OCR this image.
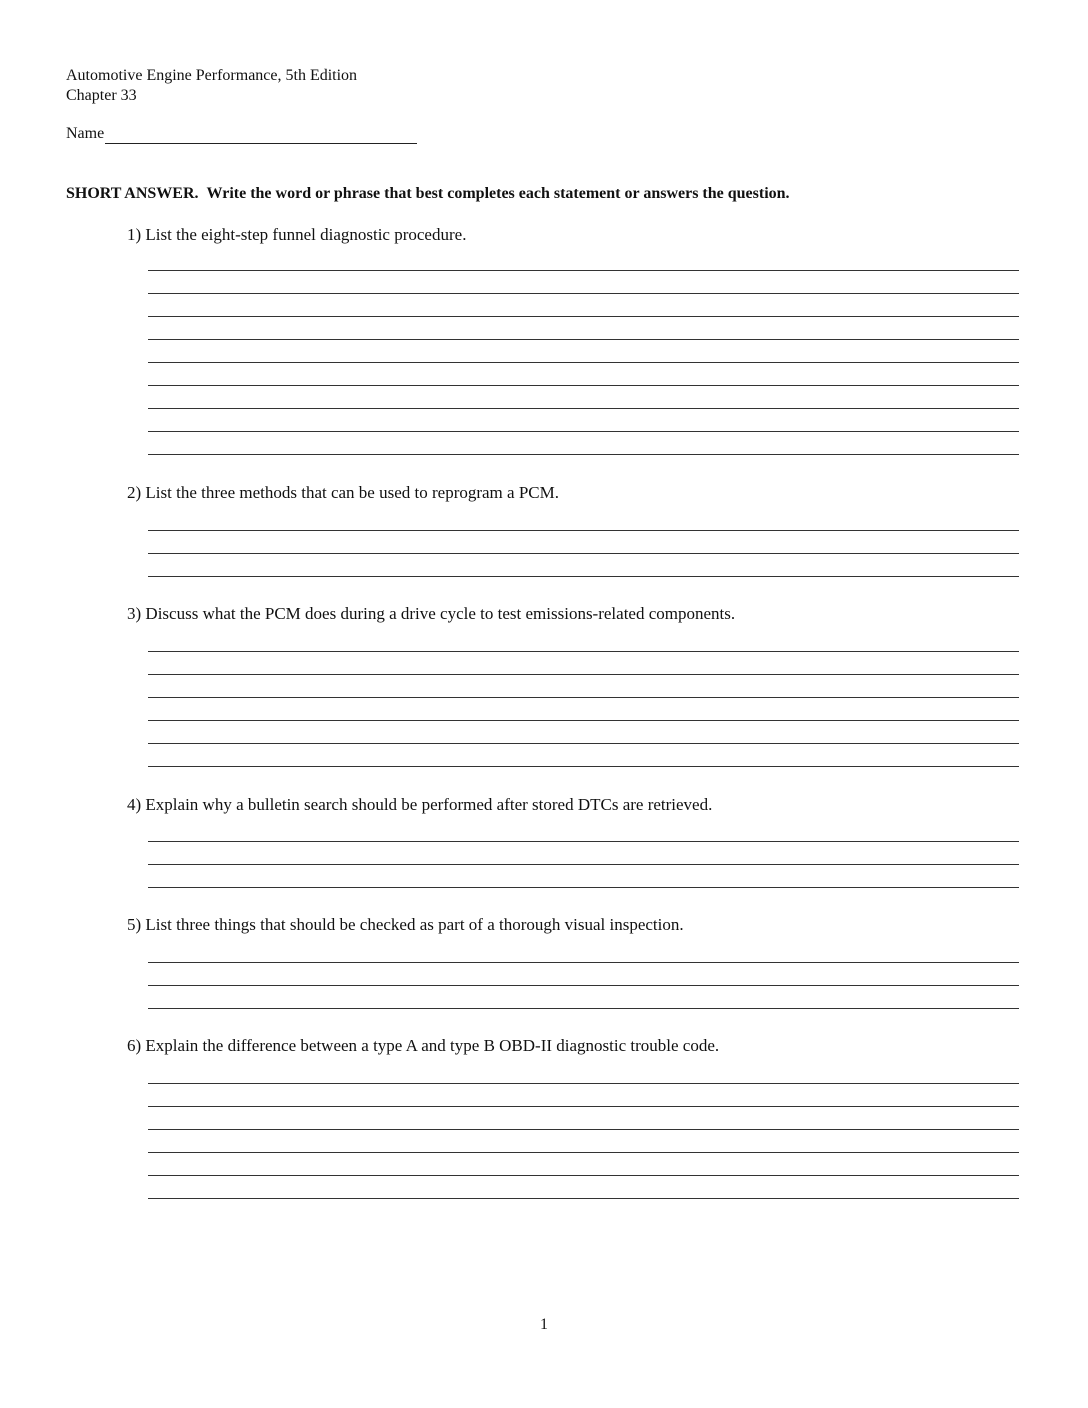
Automotive Engine Performance, 5th Edition
Chapter 33
Name
SHORT ANSWER. Write the word or phrase that best completes each statement or answers the question.
1) List the eight-step funnel diagnostic procedure.
2) List the three methods that can be used to reprogram a PCM.
3) Discuss what the PCM does during a drive cycle to test emissions-related components.
4) Explain why a bulletin search should be performed after stored DTCs are retrieved.
5) List three things that should be checked as part of a thorough visual inspection.
6) Explain the difference between a type A and type B OBD-II diagnostic trouble code.
1
